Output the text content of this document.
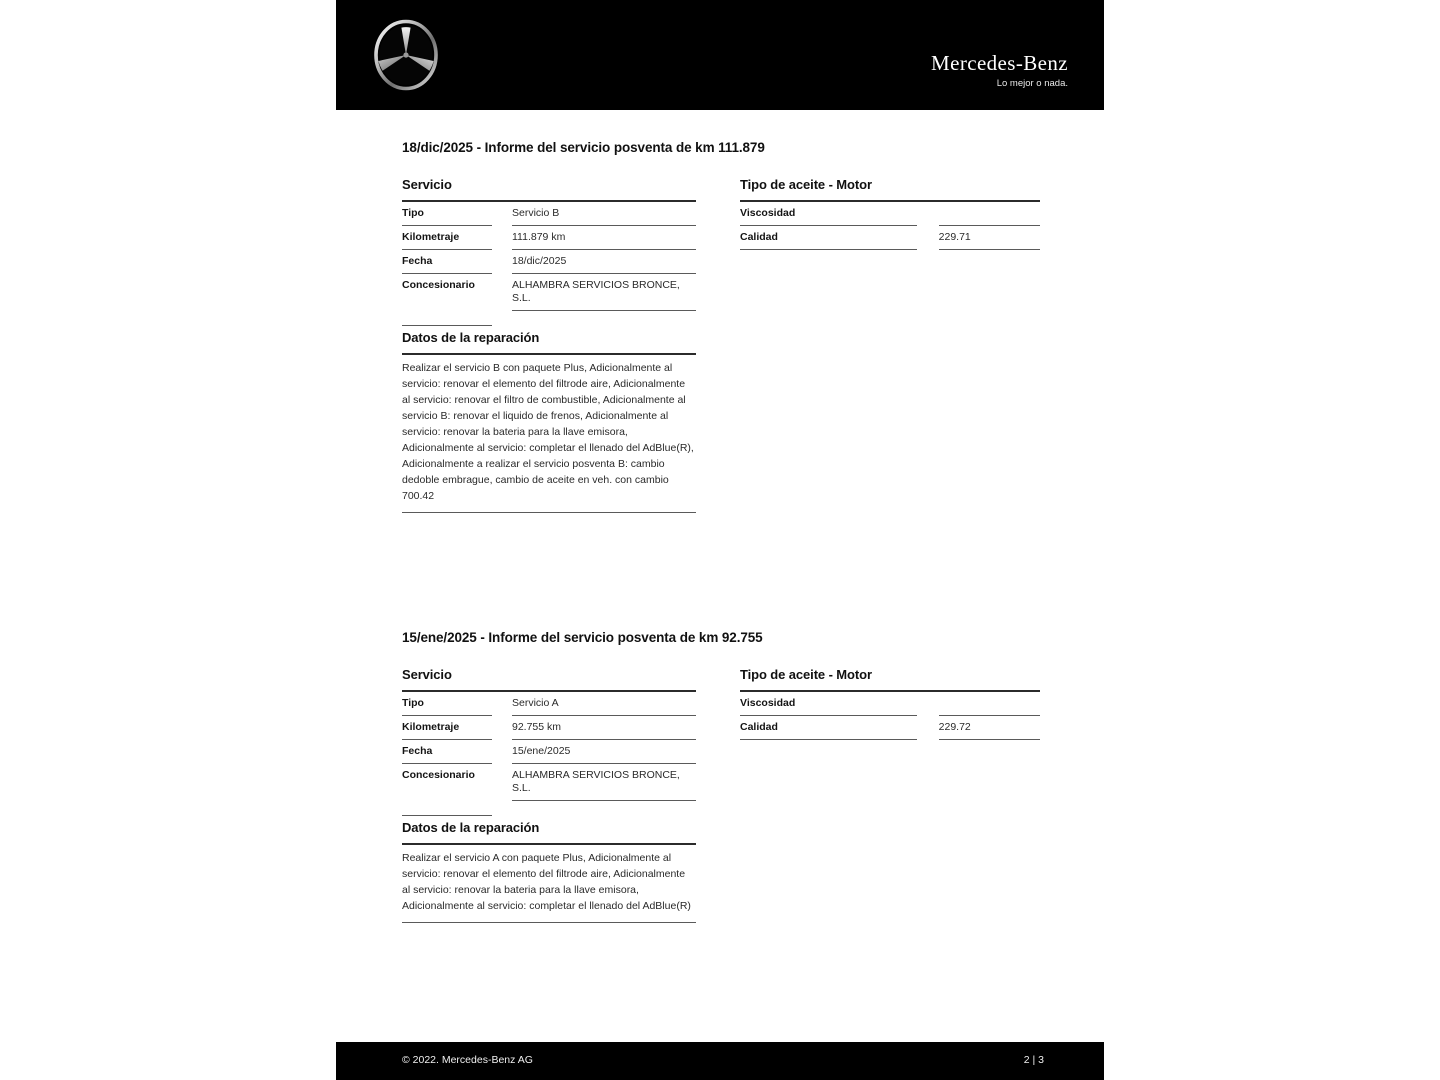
Mercedes-Benz
Lo mejor o nada.
18/dic/2025 - Informe del servicio posventa de km 111.879
Servicio
Tipo		Servicio B
Kilometraje		111.879 km
Fecha		18/dic/2025
Concesionario		ALHAMBRA SERVICIOS BRONCE, S.L.

Tipo de aceite - Motor
Viscosidad		
Calidad		229.71
Datos de la reparación
Realizar el servicio B con paquete Plus, Adicionalmente al servicio: renovar el elemento del filtrode aire, Adicionalmente al servicio: renovar el filtro de combustible, Adicionalmente al servicio B: renovar el liquido de frenos, Adicionalmente al servicio: renovar la bateria para la llave emisora, Adicionalmente al servicio: completar el llenado del AdBlue(R), Adicionalmente a realizar el servicio posventa B: cambio dedoble embrague, cambio de aceite en veh. con cambio 700.42
15/ene/2025 - Informe del servicio posventa de km 92.755
Servicio
Tipo		Servicio A
Kilometraje		92.755 km
Fecha		15/ene/2025
Concesionario		ALHAMBRA SERVICIOS BRONCE, S.L.

Tipo de aceite - Motor
Viscosidad		
Calidad		229.72
Datos de la reparación
Realizar el servicio A con paquete Plus, Adicionalmente al servicio: renovar el elemento del filtrode aire, Adicionalmente al servicio: renovar la bateria para la llave emisora, Adicionalmente al servicio: completar el llenado del AdBlue(R)
© 2022. Mercedes-Benz AG	2 | 3
